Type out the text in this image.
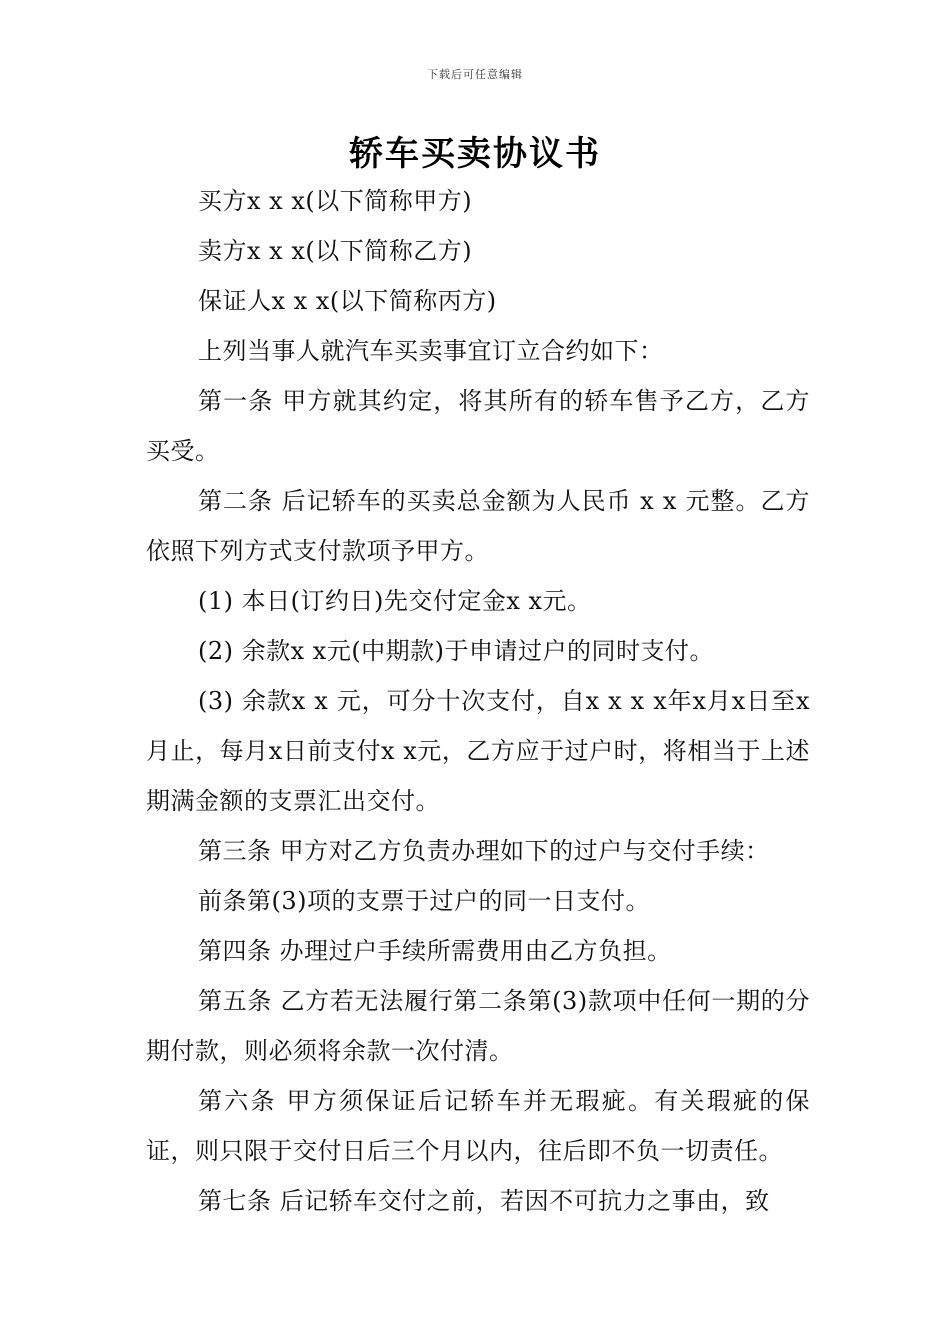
下载后可任意编辑
轿车买卖协议书

买方x x x(以下简称甲方)

卖方x x x(以下简称乙方)

保证人x x x(以下简称丙方)

上列当事人就汽车买卖事宜订立合约如下：

第一条 甲方就其约定，将其所有的轿车售予乙方，乙方买受。

第二条 后记轿车的买卖总金额为人民币 x x 元整。乙方依照下列方式支付款项予甲方。

(1) 本日(订约日)先交付定金x x元。

(2) 余款x x元(中期款)于申请过户的同时支付。

(3) 余款x x 元，可分十次支付，自x x x x年x月x日至x月止，每月x日前支付x x元，乙方应于过户时，将相当于上述期满金额的支票汇出交付。

第三条 甲方对乙方负责办理如下的过户与交付手续：

前条第(3)项的支票于过户的同一日支付。

第四条 办理过户手续所需费用由乙方负担。

第五条 乙方若无法履行第二条第(3)款项中任何一期的分期付款，则必须将余款一次付清。

第六条 甲方须保证后记轿车并无瑕疵。有关瑕疵的保证，则只限于交付日后三个月以内，往后即不负一切责任。

第七条 后记轿车交付之前，若因不可抗力之事由，致
